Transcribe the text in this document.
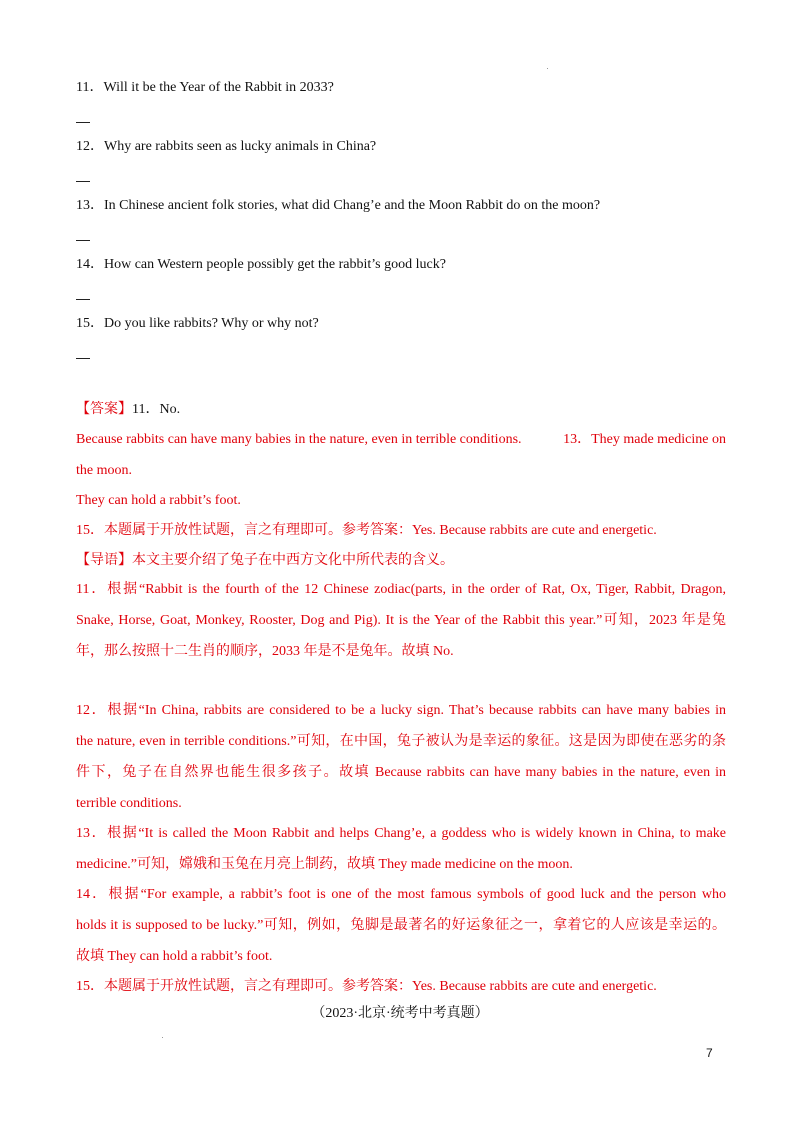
11．Will it be the Year of the Rabbit in 2033?
12．Why are rabbits seen as lucky animals in China?
13．In Chinese ancient folk stories, what did Chang’e and the Moon Rabbit do on the moon?
14．How can Western people possibly get the rabbit’s good luck?
15．Do you like rabbits? Why or why not?
【答案】11．No.
Because rabbits can have many babies in the nature, even in terrible conditions.	13．They made medicine on
the moon.
They can hold a rabbit’s foot.
15．本题属于开放性试题，言之有理即可。参考答案：Yes. Because rabbits are cute and energetic.
【导语】本文主要介绍了兔子在中西方文化中所代表的含义。
11．根据“Rabbit is the fourth of the 12 Chinese zodiac(parts, in the order of Rat, Ox, Tiger, Rabbit, Dragon,
Snake, Horse, Goat, Monkey, Rooster, Dog and Pig). It is the Year of the Rabbit this year.”可知，2023 年是兔
年，那么按照十二生肖的顺序，2033 年是不是兔年。故填 No.
12．根据“In China, rabbits are considered to be a lucky sign. That’s because rabbits can have many babies in
the nature, even in terrible conditions.”可知，在中国，兔子被认为是幸运的象征。这是因为即使在恶劣的条
件下，兔子在自然界也能生很多孩子。故填 Because rabbits can have many babies in the nature, even in
terrible conditions.
13．根据“It is called the Moon Rabbit and helps Chang’e, a goddess who is widely known in China, to make
medicine.”可知，嫦娥和玉兔在月亮上制药，故填 They made medicine on the moon.
14．根据“For example, a rabbit’s foot is one of the most famous symbols of good luck and the person who
holds it is supposed to be lucky.”可知，例如，兔脚是最著名的好运象征之一，拿着它的人应该是幸运的。
故填 They can hold a rabbit’s foot.
15．本题属于开放性试题，言之有理即可。参考答案：Yes. Because rabbits are cute and energetic.
（2023·北京·统考中考真题）
7
